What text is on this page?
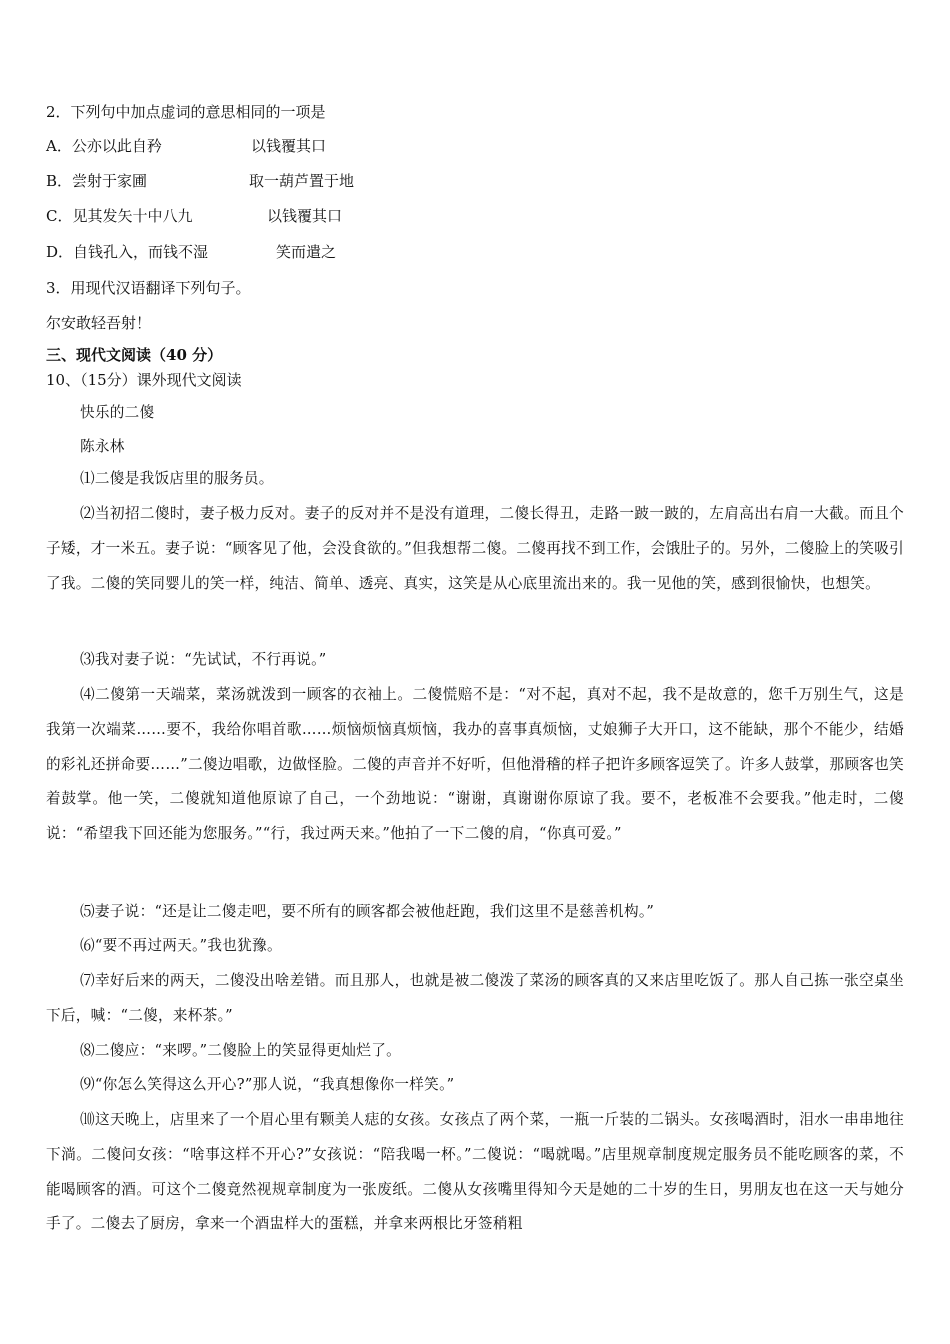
2．下列句中加点虚词的意思相同的一项是
A．公亦以此自矜	以钱覆其口
B．尝射于家圃	取一葫芦置于地
C．见其发矢十中八九	以钱覆其口
D．自钱孔入，而钱不湿	笑而遣之
3．用现代汉语翻译下列句子。
尔安敢轻吾射！
三、现代文阅读（40 分）
10、（15分）课外现代文阅读
快乐的二傻
陈永林
⑴二傻是我饭店里的服务员。
⑵当初招二傻时，妻子极力反对。妻子的反对并不是没有道理，二傻长得丑，走路一跛一跛的，左肩高出右肩一大截。而且个子矮，才一米五。妻子说：“顾客见了他，会没食欲的。”但我想帮二傻。二傻再找不到工作，会饿肚子的。另外，二傻脸上的笑吸引了我。二傻的笑同婴儿的笑一样，纯洁、简单、透亮、真实，这笑是从心底里流出来的。我一见他的笑，感到很愉快，也想笑。
⑶我对妻子说：“先试试，不行再说。”
⑷二傻第一天端菜，菜汤就泼到一顾客的衣袖上。二傻慌赔不是：“对不起，真对不起，我不是故意的，您千万别生气，这是我第一次端菜……要不，我给你唱首歌……烦恼烦恼真烦恼，我办的喜事真烦恼，丈娘狮子大开口，这不能缺，那个不能少，结婚的彩礼还拼命要……”二傻边唱歌，边做怪脸。二傻的声音并不好听，但他滑稽的样子把许多顾客逗笑了。许多人鼓掌，那顾客也笑着鼓掌。他一笑，二傻就知道他原谅了自己，一个劲地说：“谢谢，真谢谢你原谅了我。要不，老板准不会要我。”他走时，二傻说：“希望我下回还能为您服务。”“行，我过两天来。”他拍了一下二傻的肩，“你真可爱。”
⑸妻子说：“还是让二傻走吧，要不所有的顾客都会被他赶跑，我们这里不是慈善机构。”
⑹“要不再过两天。”我也犹豫。
⑺幸好后来的两天，二傻没出啥差错。而且那人，也就是被二傻泼了菜汤的顾客真的又来店里吃饭了。那人自己拣一张空桌坐下后，喊：“二傻，来杯茶。”
⑻二傻应：“来啰。”二傻脸上的笑显得更灿烂了。
⑼“你怎么笑得这么开心?”那人说，“我真想像你一样笑。”
⑽这天晚上，店里来了一个眉心里有颗美人痣的女孩。女孩点了两个菜，一瓶一斤装的二锅头。女孩喝酒时，泪水一串串地往下淌。二傻问女孩：“啥事这样不开心?”女孩说：“陪我喝一杯。”二傻说：“喝就喝。”店里规章制度规定服务员不能吃顾客的菜，不能喝顾客的酒。可这个二傻竟然视规章制度为一张废纸。二傻从女孩嘴里得知今天是她的二十岁的生日，男朋友也在这一天与她分手了。二傻去了厨房，拿来一个酒盅样大的蛋糕，并拿来两根比牙签稍粗
